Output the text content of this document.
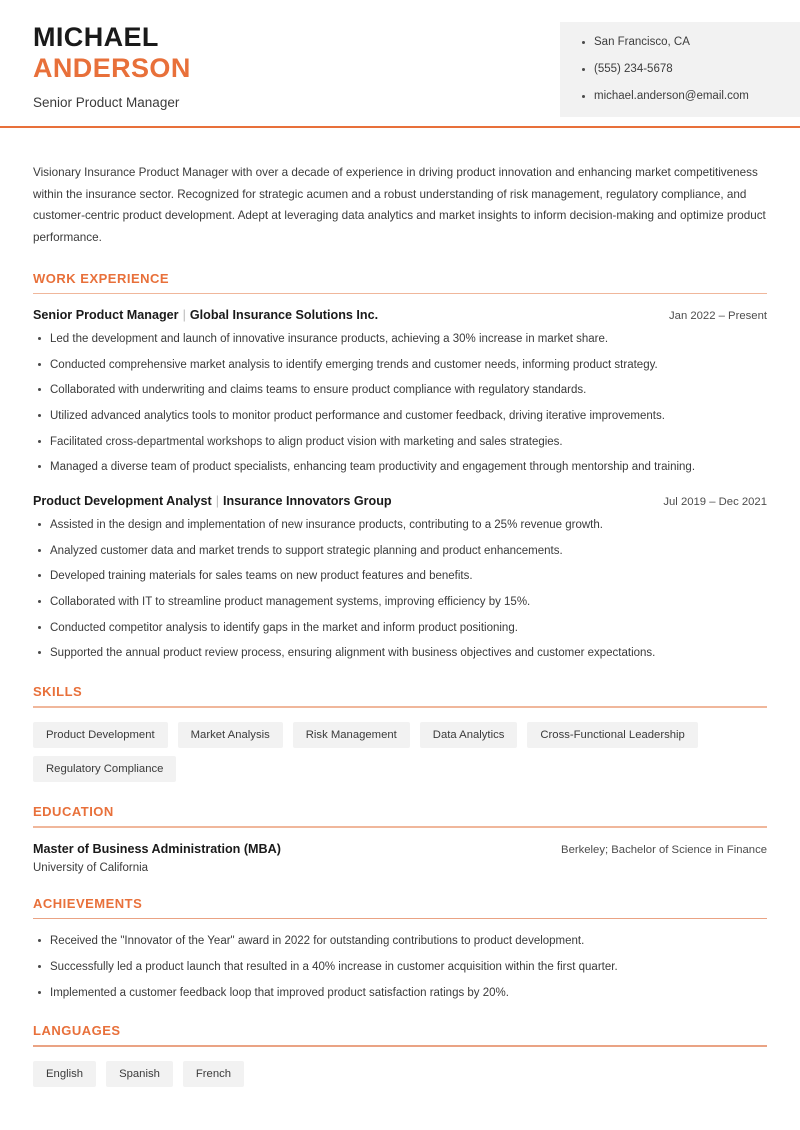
MICHAEL
ANDERSON
Senior Product Manager
San Francisco, CA
(555) 234-5678
michael.anderson@email.com
Visionary Insurance Product Manager with over a decade of experience in driving product innovation and enhancing market competitiveness within the insurance sector. Recognized for strategic acumen and a robust understanding of risk management, regulatory compliance, and customer-centric product development. Adept at leveraging data analytics and market insights to inform decision-making and optimize product performance.
WORK EXPERIENCE
Senior Product Manager | Global Insurance Solutions Inc.	Jan 2022 – Present
Led the development and launch of innovative insurance products, achieving a 30% increase in market share.
Conducted comprehensive market analysis to identify emerging trends and customer needs, informing product strategy.
Collaborated with underwriting and claims teams to ensure product compliance with regulatory standards.
Utilized advanced analytics tools to monitor product performance and customer feedback, driving iterative improvements.
Facilitated cross-departmental workshops to align product vision with marketing and sales strategies.
Managed a diverse team of product specialists, enhancing team productivity and engagement through mentorship and training.
Product Development Analyst | Insurance Innovators Group	Jul 2019 – Dec 2021
Assisted in the design and implementation of new insurance products, contributing to a 25% revenue growth.
Analyzed customer data and market trends to support strategic planning and product enhancements.
Developed training materials for sales teams on new product features and benefits.
Collaborated with IT to streamline product management systems, improving efficiency by 15%.
Conducted competitor analysis to identify gaps in the market and inform product positioning.
Supported the annual product review process, ensuring alignment with business objectives and customer expectations.
SKILLS
Product Development	Market Analysis	Risk Management	Data Analytics	Cross-Functional Leadership
Regulatory Compliance
EDUCATION
Master of Business Administration (MBA)
University of California
Berkeley; Bachelor of Science in Finance
ACHIEVEMENTS
Received the "Innovator of the Year" award in 2022 for outstanding contributions to product development.
Successfully led a product launch that resulted in a 40% increase in customer acquisition within the first quarter.
Implemented a customer feedback loop that improved product satisfaction ratings by 20%.
LANGUAGES
English	Spanish	French
